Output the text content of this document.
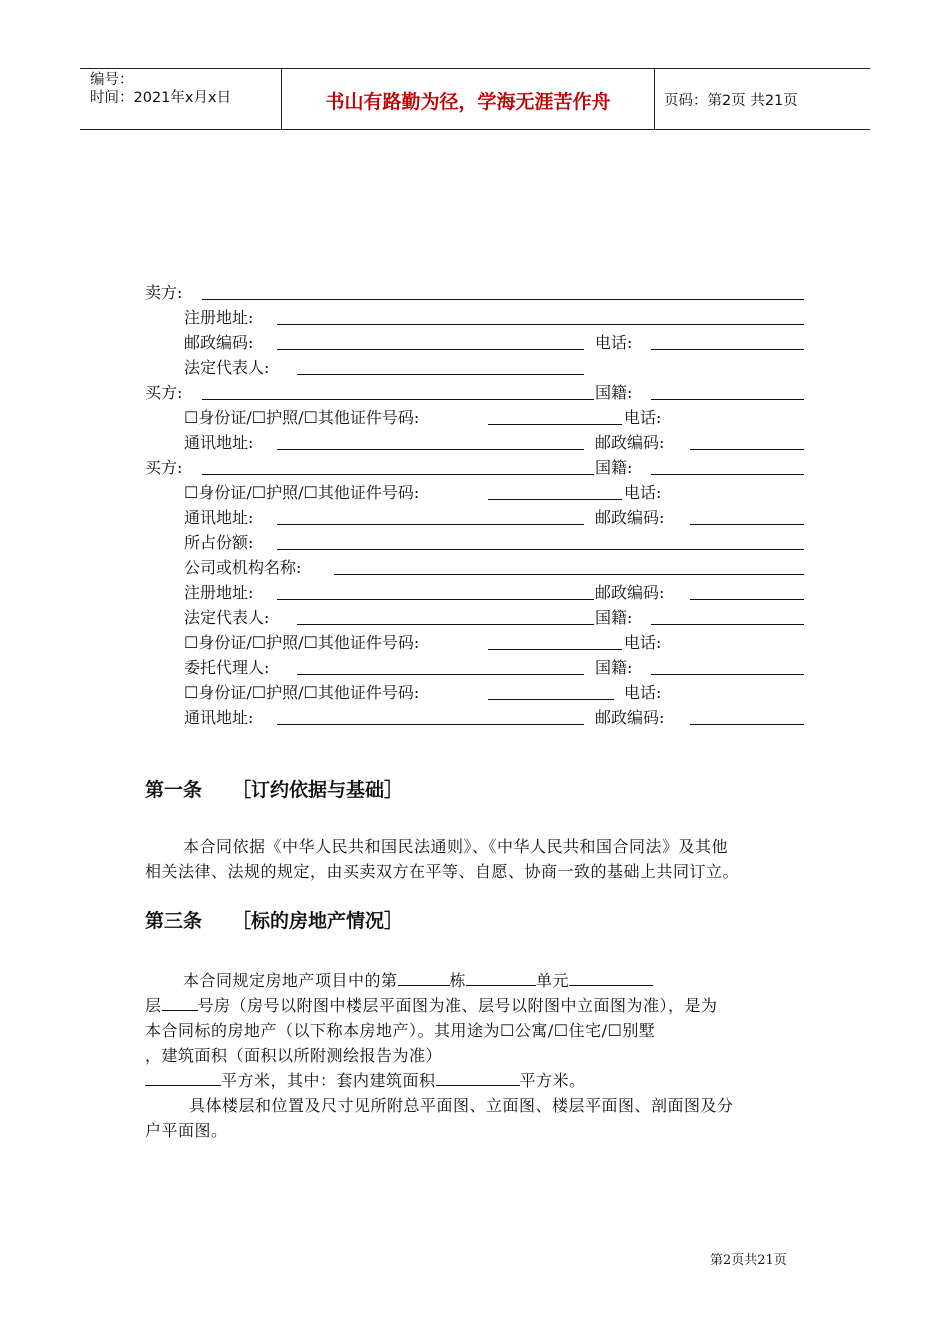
编号：
时间：2021年x月x日	书山有路勤为径，学海无涯苦作舟	页码：第2页 共21页
卖方:
注册地址:
邮政编码:	电话:
法定代表人:
买方:	国籍:
☐身份证/☐护照/☐其他证件号码:	电话:
通讯地址:	邮政编码:
买方:	国籍:
☐身份证/☐护照/☐其他证件号码:	电话:
通讯地址:	邮政编码:
所占份额:
公司或机构名称:
注册地址:	邮政编码:
法定代表人:	国籍:
☐身份证/☐护照/☐其他证件号码:	电话:
委托代理人:	国籍:
☐身份证/☐护照/☐其他证件号码:	电话:
通讯地址:	邮政编码:
第一条 ［订约依据与基础］
本合同依据《中华人民共和国民法通则》、《中华人民共和国合同法》及其他
相关法律、法规的规定，由买卖双方在平等、自愿、协商一致的基础上共同订立。
第三条 ［标的房地产情况］
本合同规定房地产项目中的第	栋	单元
层 号房（房号以附图中楼层平面图为准、层号以附图中立面图为准），是为
本合同标的房地产（以下称本房地产）。其用途为☐公寓/☐住宅/☐别墅
，建筑面积（面积以所附测绘报告为准）
平方米，其中：套内建筑面积	平方米。
具体楼层和位置及尺寸见所附总平面图、立面图、楼层平面图、剖面图及分
户平面图。
第2页共21页
